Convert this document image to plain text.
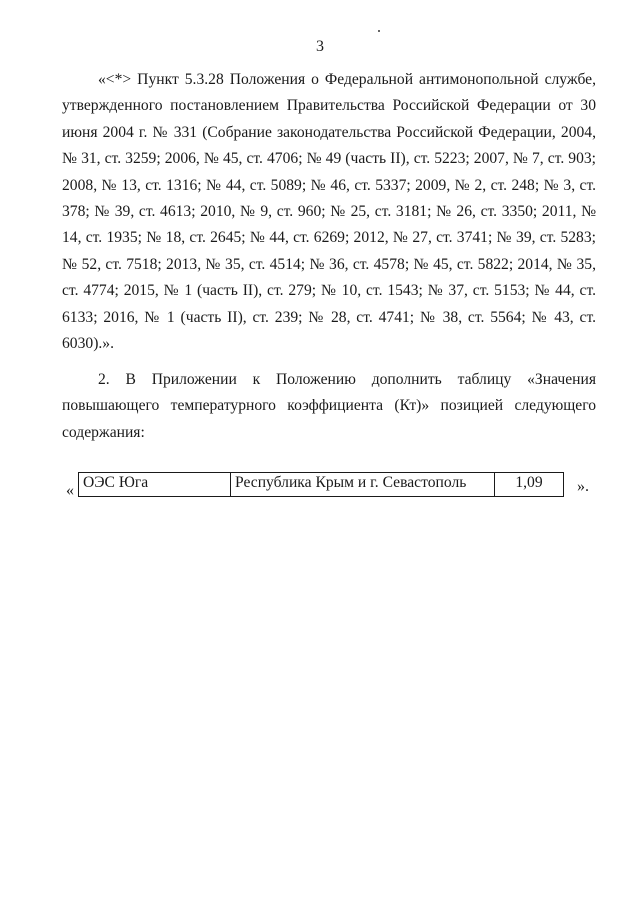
3

«<*> Пункт 5.3.28 Положения о Федеральной антимонопольной службе, утвержденного постановлением Правительства Российской Федерации от 30 июня 2004 г. № 331 (Собрание законодательства Российской Федерации, 2004, № 31, ст. 3259; 2006, № 45, ст. 4706; № 49 (часть II), ст. 5223; 2007, № 7, ст. 903; 2008, № 13, ст. 1316; № 44, ст. 5089; № 46, ст. 5337; 2009, № 2, ст. 248; № 3, ст. 378; № 39, ст. 4613; 2010, № 9, ст. 960; № 25, ст. 3181; № 26, ст. 3350; 2011, № 14, ст. 1935; № 18, ст. 2645; № 44, ст. 6269; 2012, № 27, ст. 3741; № 39, ст. 5283; № 52, ст. 7518; 2013, № 35, ст. 4514; № 36, ст. 4578; № 45, ст. 5822; 2014, № 35, ст. 4774; 2015, № 1 (часть II), ст. 279; № 10, ст. 1543; № 37, ст. 5153; № 44, ст. 6133; 2016, № 1 (часть II), ст. 239; № 28, ст. 4741; № 38, ст. 5564; № 43, ст. 6030).».

2. В Приложении к Положению дополнить таблицу «Значения повышающего температурного коэффициента (Кт)» позицией следующего содержания:

« ОЭС Юга	Республика Крым и г. Севастополь	1,09 ».
